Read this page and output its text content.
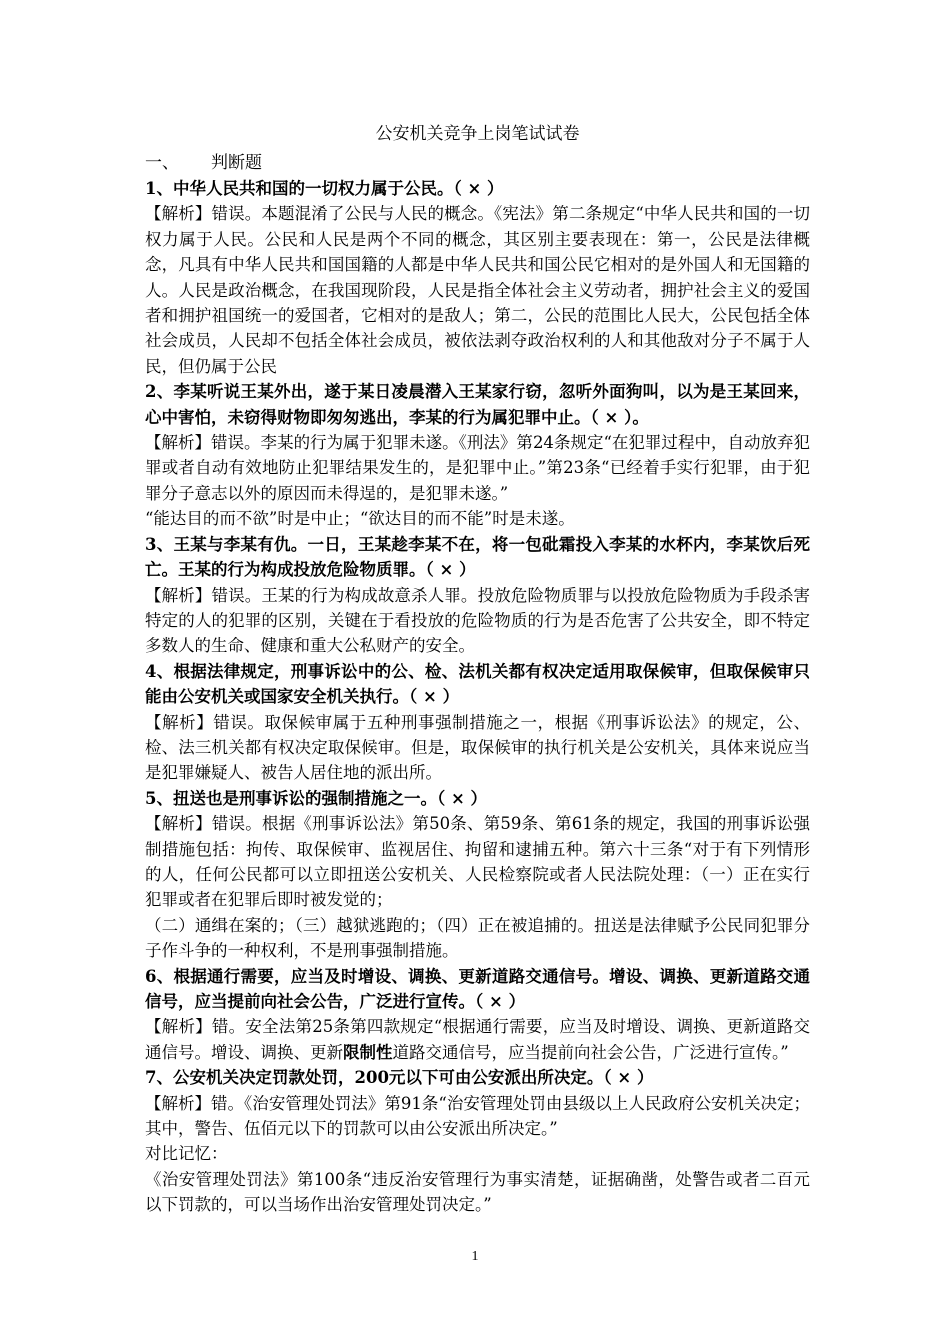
公安机关竞争上岗笔试试卷
一、 判断题
1、中华人民共和国的一切权力属于公民。（ × ）
【解析】错误。本题混淆了公民与人民的概念。《宪法》第二条规定“中华人民共和国的一切权力属于人民。公民和人民是两个不同的概念，其区别主要表现在：第一，公民是法律概念，凡具有中华人民共和国国籍的人都是中华人民共和国公民它相对的是外国人和无国籍的人。人民是政治概念，在我国现阶段，人民是指全体社会主义劳动者，拥护社会主义的爱国者和拥护祖国统一的爱国者，它相对的是敌人；第二，公民的范围比人民大，公民包括全体社会成员，人民却不包括全体社会成员，被依法剥夺政治权利的人和其他敌对分子不属于人民，但仍属于公民
2、李某听说王某外出，遂于某日凌晨潜入王某家行窃，忽听外面狗叫，以为是王某回来，心中害怕，未窃得财物即匆匆逃出，李某的行为属犯罪中止。（ × ）。
【解析】错误。李某的行为属于犯罪未遂。《刑法》第24条规定“在犯罪过程中，自动放弃犯罪或者自动有效地防止犯罪结果发生的，是犯罪中止。”第23条“已经着手实行犯罪，由于犯罪分子意志以外的原因而未得逞的，是犯罪未遂。”
“能达目的而不欲”时是中止；“欲达目的而不能”时是未遂。
3、王某与李某有仇。一日，王某趁李某不在，将一包砒霜投入李某的水杯内，李某饮后死亡。王某的行为构成投放危险物质罪。（ × ）
【解析】错误。王某的行为构成故意杀人罪。投放危险物质罪与以投放危险物质为手段杀害特定的人的犯罪的区别，关键在于看投放的危险物质的行为是否危害了公共安全，即不特定多数人的生命、健康和重大公私财产的安全。
4、根据法律规定，刑事诉讼中的公、检、法机关都有权决定适用取保候审，但取保候审只能由公安机关或国家安全机关执行。（ × ）
【解析】错误。取保候审属于五种刑事强制措施之一，根据《刑事诉讼法》的规定，公、检、法三机关都有权决定取保候审。但是，取保候审的执行机关是公安机关，具体来说应当是犯罪嫌疑人、被告人居住地的派出所。
5、扭送也是刑事诉讼的强制措施之一。（ × ）
【解析】错误。根据《刑事诉讼法》第50条、第59条、第61条的规定，我国的刑事诉讼强制措施包括：拘传、取保候审、监视居住、拘留和逮捕五种。第六十三条“对于有下列情形的人，任何公民都可以立即扭送公安机关、人民检察院或者人民法院处理：（一）正在实行犯罪或者在犯罪后即时被发觉的；
（二）通缉在案的；（三）越狱逃跑的；（四）正在被追捕的。扭送是法律赋予公民同犯罪分子作斗争的一种权利，不是刑事强制措施。
6、根据通行需要，应当及时增设、调换、更新道路交通信号。增设、调换、更新道路交通信号，应当提前向社会公告，广泛进行宣传。（ × ）
【解析】错。安全法第25条第四款规定“根据通行需要，应当及时增设、调换、更新道路交通信号。增设、调换、更新限制性道路交通信号，应当提前向社会公告，广泛进行宣传。”
7、公安机关决定罚款处罚，200元以下可由公安派出所决定。（ × ）
【解析】错。《治安管理处罚法》第91条“治安管理处罚由县级以上人民政府公安机关决定；其中，警告、伍佰元以下的罚款可以由公安派出所决定。”
对比记忆：
《治安管理处罚法》第100条“违反治安管理行为事实清楚，证据确凿，处警告或者二百元以下罚款的，可以当场作出治安管理处罚决定。”
1
